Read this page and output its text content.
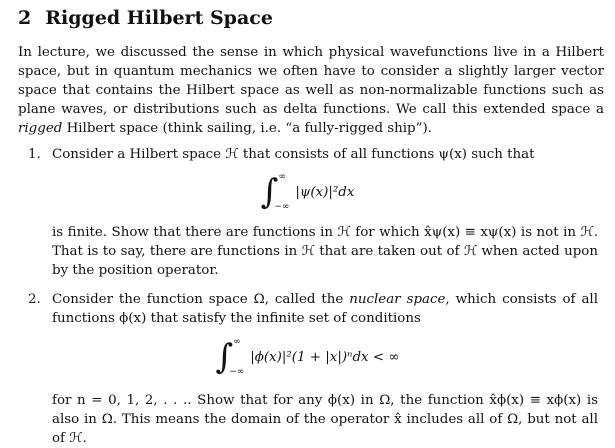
2 Rigged Hilbert Space
In lecture, we discussed the sense in which physical wavefunctions live in a Hilbert space, but in quantum mechanics we often have to consider a slightly larger vector space that contains the Hilbert space as well as non-normalizable functions such as plane waves, or distributions such as delta functions. We call this extended space a rigged Hilbert space (think sailing, i.e. “a fully-rigged ship”).
1. Consider a Hilbert space ℋ that consists of all functions ψ(x) such that
∫ ∞
−∞
|ψ(x)|²dx
is finite. Show that there are functions in ℋ for which x̂ψ(x) ≡ xψ(x) is not in ℋ. That is to say, there are functions in ℋ that are taken out of ℋ when acted upon by the position operator.
2. Consider the function space Ω, called the nuclear space, which consists of all functions ϕ(x) that satisfy the infinite set of conditions
∫ ∞
−∞
|ϕ(x)|²(1 + |x|)ⁿdx < ∞
for n = 0, 1, 2, . . .. Show that for any ϕ(x) in Ω, the function x̂ϕ(x) ≡ xϕ(x) is also in Ω. This means the domain of the operator x̂ includes all of Ω, but not all of ℋ.
